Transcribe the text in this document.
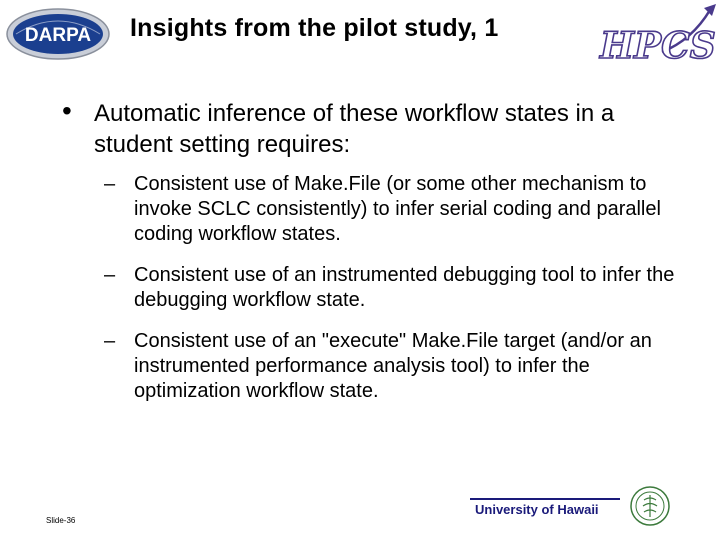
DARPA Insights from the pilot study, 1	HPCS
• Automatic inference of these workflow states in a student setting requires:
– Consistent use of Make.File (or some other mechanism to invoke SCLC consistently) to infer serial coding and parallel coding workflow states.
– Consistent use of an instrumented debugging tool to infer the debugging workflow state.
– Consistent use of an "execute" Make.File target (and/or an instrumented performance analysis tool) to infer the optimization workflow state.
University of Hawaii
Slide-36
